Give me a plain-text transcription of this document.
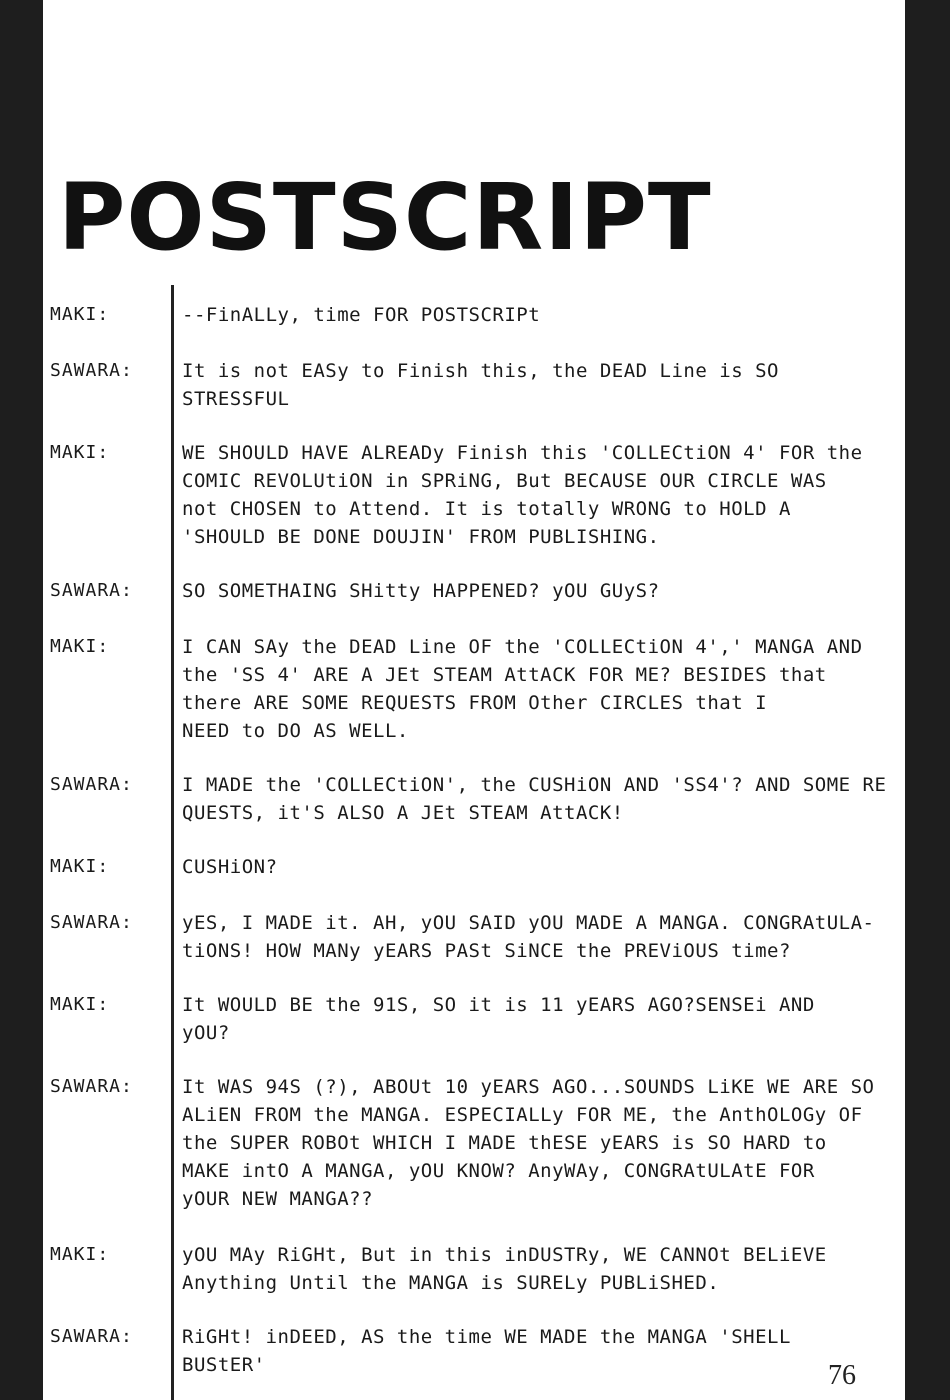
POSTSCRIPT
MAKI:	--FinALLy, time FOR POSTSCRIPt
SAWARA:	It is not EASy to Finish this, the DEAD Line is SO
STRESSFUL
MAKI:	WE SHOULD HAVE ALREADy Finish this 'COLLECtiON 4' FOR the
COMIC REVOLUtiON in SPRiNG, But BECAUSE OUR CIRCLE WAS
not CHOSEN to Attend. It is totally WRONG to HOLD A
'SHOULD BE DONE DOUJIN' FROM PUBLISHING.
SAWARA:	SO SOMETHAING SHitty HAPPENED? yOU GUyS?
MAKI:	I CAN SAy the DEAD Line OF the 'COLLECtiON 4',' MANGA AND
the 'SS 4' ARE A JEt STEAM AttACK FOR ME? BESIDES that
there ARE SOME REQUESTS FROM Other CIRCLES that I
NEED to DO AS WELL.
SAWARA:	I MADE the 'COLLECtiON', the CUSHiON AND 'SS4'? AND SOME RE
QUESTS, it'S ALSO A JEt STEAM AttACK!
MAKI:	CUSHiON?
SAWARA:	yES, I MADE it. AH, yOU SAID yOU MADE A MANGA. CONGRAtULA-
tiONS! HOW MANy yEARS PASt SiNCE the PREViOUS time?
MAKI:	It WOULD BE the 91S, SO it is 11 yEARS AGO?SENSEi AND
yOU?
SAWARA:	It WAS 94S (?), ABOUt 10 yEARS AGO...SOUNDS LiKE WE ARE SO
ALiEN FROM the MANGA. ESPECIALLy FOR ME, the AnthOLOGy OF
the SUPER ROBOt WHICH I MADE thESE yEARS is SO HARD to
MAKE intO A MANGA, yOU KNOW? AnyWAy, CONGRAtULAtE FOR
yOUR NEW MANGA??
MAKI:	yOU MAy RiGHt, But in this inDUSTRy, WE CANNOt BELiEVE
Anything Until the MANGA is SURELy PUBLiSHED.
SAWARA:	RiGHt! inDEED, AS the time WE MADE the MANGA 'SHELL
BUStER'	76
